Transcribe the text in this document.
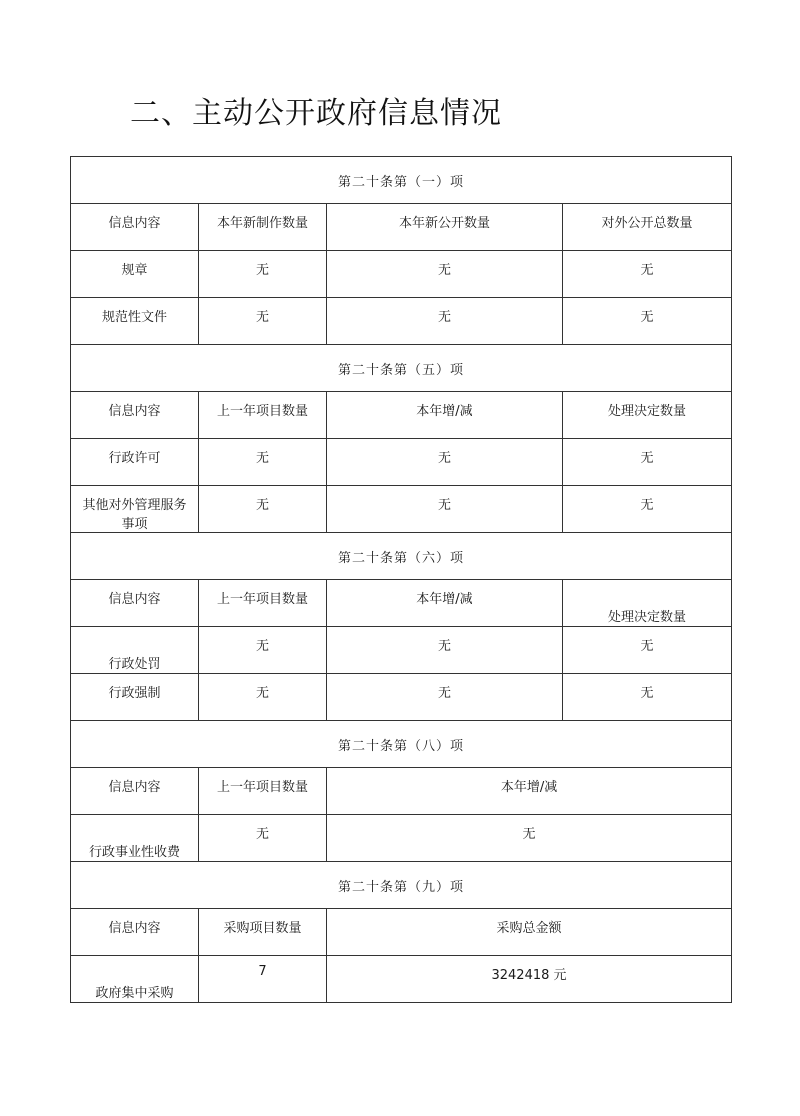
二、主动公开政府信息情况
第二十条第（一）项			
信息内容	本年新制作数量	本年新公开数量	对外公开总数量
规章	无	无	无
规范性文件	无	无	无
第二十条第（五）项			
信息内容	上一年项目数量	本年增/减	处理决定数量
行政许可	无	无	无
其他对外管理服务事项	无	无	无
第二十条第（六）项			
信息内容	上一年项目数量	本年增/减	处理决定数量

行政处罚	无	无	无
行政强制	无	无	无
第二十条第（八）项			
信息内容	上一年项目数量	本年增/减	

行政事业性收费	无	无	
第二十条第（九）项			
信息内容	采购项目数量	采购总金额	

政府集中采购	7	3242418 元	
